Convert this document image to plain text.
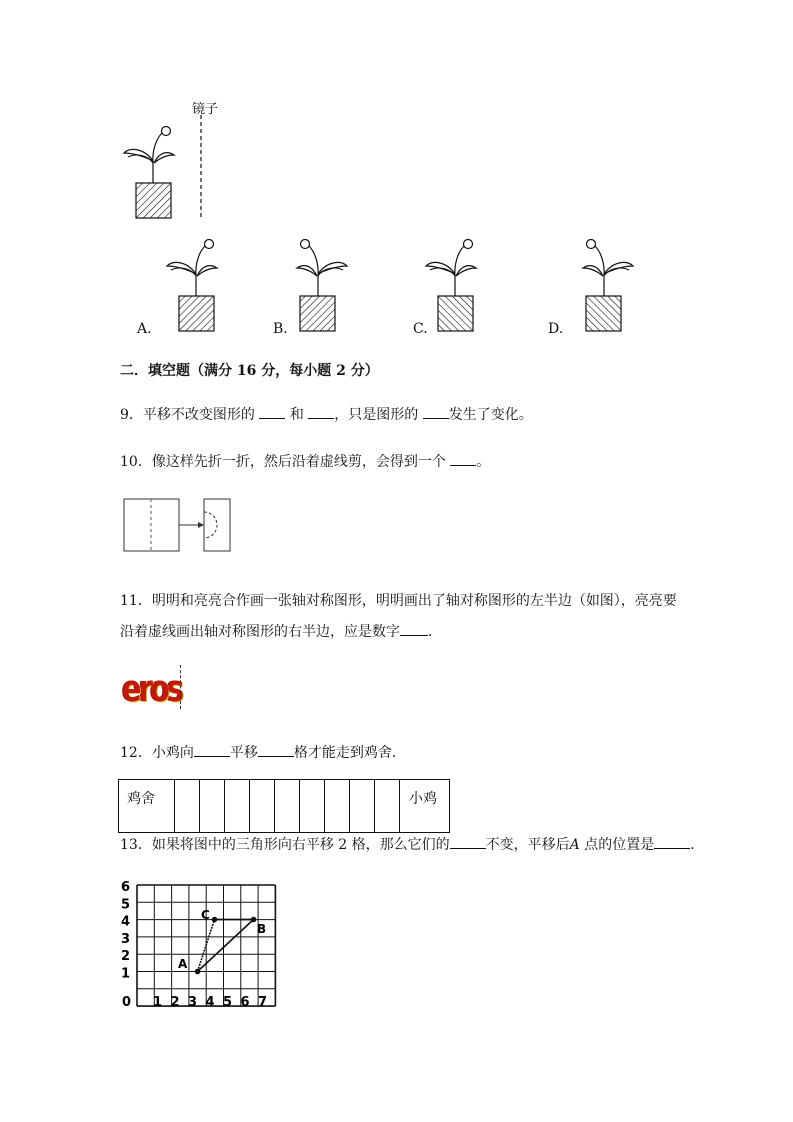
镜子
A.	B.	C.	D.
二．填空题（满分 16 分，每小题 2 分）
9．平移不改变图形的 和 ，只是图形的 发生了变化。
10．像这样先折一折，然后沿着虚线剪，会得到一个 。
11．明明和亮亮合作画一张轴对称图形，明明画出了轴对称图形的左半边（如图），亮亮要
沿着虚线画出轴对称图形的右半边，应是数字 .
eros
12．小鸡向	平移	格才能走到鸡舍.
鸡舍										小鸡
13．如果将图中的三角形向右平移 2 格，那么它们的	不变，平移后A 点的位置是	.
A
C
B
6
5
4
3
2
1
0 1 2 3 4 5 6 7
